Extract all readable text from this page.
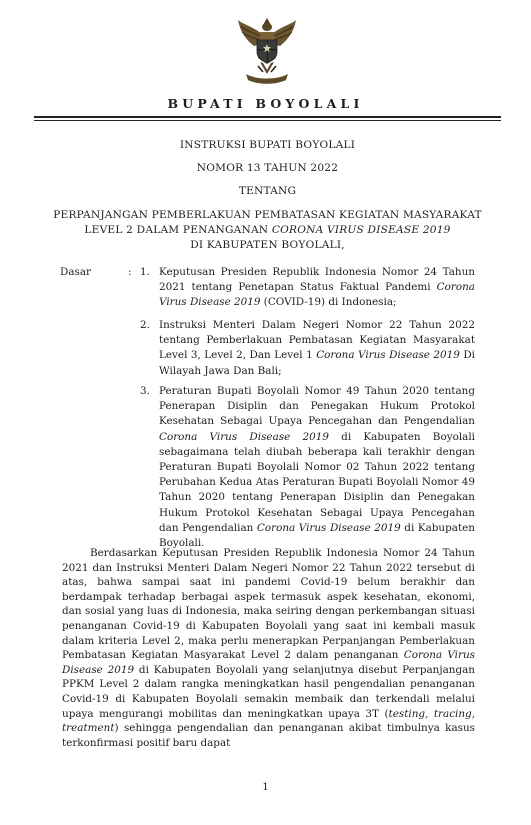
BUPATI BOYOLALI
INSTRUKSI BUPATI BOYOLALI
NOMOR 13 TAHUN 2022
TENTANG
PERPANJANGAN PEMBERLAKUAN PEMBATASAN KEGIATAN MASYARAKAT
LEVEL 2 DALAM PENANGANAN CORONA VIRUS DISEASE 2019
DI KABUPATEN BOYOLALI,
Dasar	: 1. Keputusan Presiden Republik Indonesia Nomor 24 Tahun 2021 tentang Penetapan Status Faktual Pandemi Corona Virus Disease 2019 (COVID-19) di Indonesia;
2. Instruksi Menteri Dalam Negeri Nomor 22 Tahun 2022 tentang Pemberlakuan Pembatasan Kegiatan Masyarakat Level 3, Level 2, Dan Level 1 Corona Virus Disease 2019 Di Wilayah Jawa Dan Bali;
3. Peraturan Bupati Boyolali Nomor 49 Tahun 2020 tentang Penerapan Disiplin dan Penegakan Hukum Protokol Kesehatan Sebagai Upaya Pencegahan dan Pengendalian Corona Virus Disease 2019 di Kabupaten Boyolali sebagaimana telah diubah beberapa kali terakhir dengan Peraturan Bupati Boyolali Nomor 02 Tahun 2022 tentang Perubahan Kedua Atas Peraturan Bupati Boyolali Nomor 49 Tahun 2020 tentang Penerapan Disiplin dan Penegakan Hukum Protokol Kesehatan Sebagai Upaya Pencegahan dan Pengendalian Corona Virus Disease 2019 di Kabupaten Boyolali.
Berdasarkan Keputusan Presiden Republik Indonesia Nomor 24 Tahun 2021 dan Instruksi Menteri Dalam Negeri Nomor 22 Tahun 2022 tersebut di atas, bahwa sampai saat ini pandemi Covid-19 belum berakhir dan berdampak terhadap berbagai aspek termasuk aspek kesehatan, ekonomi, dan sosial yang luas di Indonesia, maka seiring dengan perkembangan situasi penanganan Covid-19 di Kabupaten Boyolali yang saat ini kembali masuk dalam kriteria Level 2, maka perlu menerapkan Perpanjangan Pemberlakuan Pembatasan Kegiatan Masyarakat Level 2 dalam penanganan Corona Virus Disease 2019 di Kabupaten Boyolali yang selanjutnya disebut Perpanjangan PPKM Level 2 dalam rangka meningkatkan hasil pengendalian penanganan Covid-19 di Kabupaten Boyolali semakin membaik dan terkendali melalui upaya mengurangi mobilitas dan meningkatkan upaya 3T (testing, tracing, treatment) sehingga pengendalian dan penanganan akibat timbulnya kasus terkonfirmasi positif baru dapat
1
